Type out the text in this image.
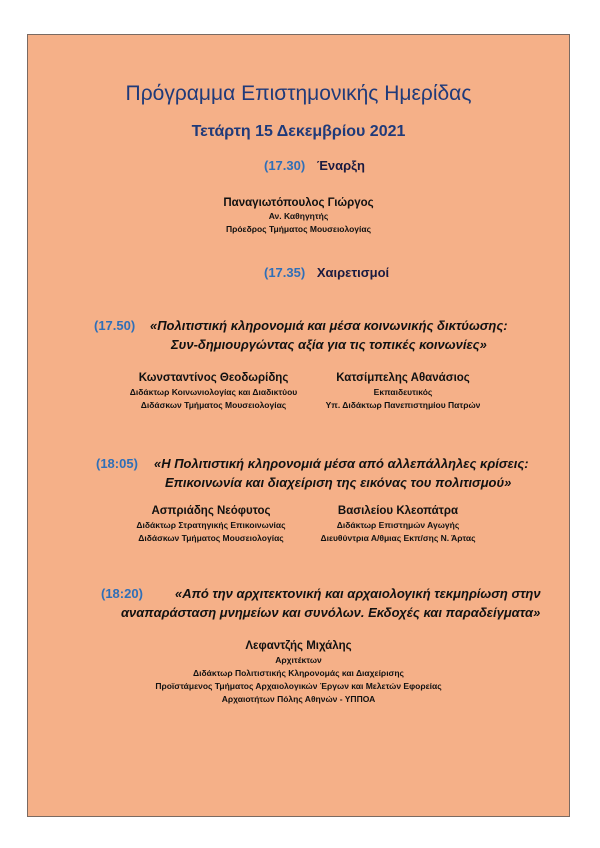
Πρόγραμμα Επιστημονικής Ημερίδας
Τετάρτη 15 Δεκεμβρίου 2021
(17.30) Έναρξη
Παναγιωτόπουλος Γιώργος
Αν. Καθηγητής
Πρόεδρος Τμήματος Μουσειολογίας
(17.35) Χαιρετισμοί
(17.50) «Πολιτιστική κληρονομιά και μέσα κοινωνικής δικτύωσης:
Συν-δημιουργώντας αξία για τις τοπικές κοινωνίες»
Κωνσταντίνος Θεοδωρίδης
Διδάκτωρ Κοινωνιολογίας και Διαδικτύου
Διδάσκων Τμήματος Μουσειολογίας
Κατσίμπελης Αθανάσιος
Εκπαιδευτικός
Υπ. Διδάκτωρ Πανεπιστημίου Πατρών
(18:05) «Η Πολιτιστική κληρονομιά μέσα από αλλεπάλληλες κρίσεις:
Επικοινωνία και διαχείριση της εικόνας του πολιτισμού»
Ασπριάδης Νεόφυτος
Διδάκτωρ Στρατηγικής Επικοινωνίας
Διδάσκων Τμήματος Μουσειολογίας
Βασιλείου Κλεοπάτρα
Διδάκτωρ Επιστημών Αγωγής
Διευθύντρια Α/θμιας Εκπ/σης Ν. Άρτας
(18:20) «Από την αρχιτεκτονική και αρχαιολογική τεκμηρίωση στην
αναπαράσταση μνημείων και συνόλων. Εκδοχές και παραδείγματα»
Λεφαντζής Μιχάλης
Αρχιτέκτων
Διδάκτωρ Πολιτιστικής Κληρονομάς και Διαχείρισης
Προϊστάμενος Τμήματος Αρχαιολογικών Έργων και Μελετών Εφορείας
Αρχαιοτήτων Πόλης Αθηνών - ΥΠΠΟΑ
